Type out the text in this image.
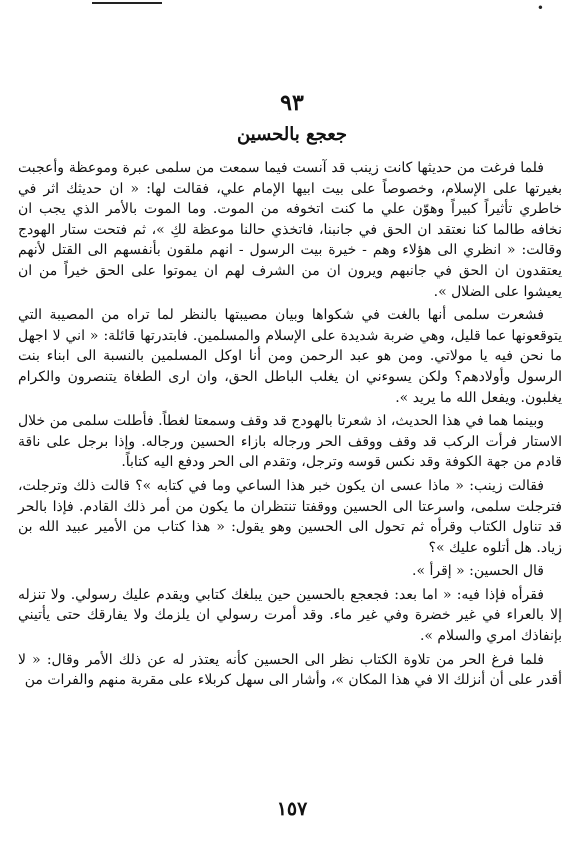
•
٩٣
جعجع بالحسين

فلما فرغت من حديثها كانت زينب قد آنست فيما سمعت من سلمى عبرة وموعظة وأعجبت بغيرتها على الإسلام، وخصوصاً على بيت ابيها الإمام علي، فقالت لها: « ان حديثك اثر في خاطري تأثيراً كبيراً وهوّن علي ما كنت اتخوفه من الموت. وما الموت بالأمر الذي يجب ان نخافه طالما كنا نعتقد ان الحق في جانبنا، فاتخذي حالنا موعظة لكِ »، ثم فتحت ستار الهودج وقالت: « انظري الى هؤلاء وهم - خيرة بيت الرسول - انهم ملقون بأنفسهم الى القتل لأنهم يعتقدون ان الحق في جانبهم ويرون ان من الشرف لهم ان يموتوا على الحق خيراً من ان يعيشوا على الضلال ».

فشعرت سلمى أنها بالغت في شكواها وبيان مصيبتها بالنظر لما تراه من المصيبة التي يتوقعونها عما قليل، وهي ضربة شديدة على الإسلام والمسلمين. فابتدرتها قائلة: « اني لا اجهل ما نحن فيه يا مولاتي. ومن هو عبد الرحمن ومن أنا اوكل المسلمين بالنسبة الى ابناء بنت الرسول وأولادهم؟ ولكن يسوءني ان يغلب الباطل الحق، وان ارى الطغاة يتنصرون والكرام يغلبون. ويفعل الله ما يريد ».

وبينما هما في هذا الحديث، اذ شعرتا بالهودج قد وقف وسمعتا لغطاً. فأطلت سلمى من خلال الاستار فرأت الركب قد وقف ووقف الحر ورجاله بازاء الحسين ورجاله. وإذا برجل على ناقة قادم من جهة الكوفة وقد نكس قوسه وترجل، وتقدم الى الحر ودفع اليه كتاباً.

فقالت زينب: « ماذا عسى ان يكون خبر هذا الساعي وما في كتابه »؟ قالت ذلك وترجلت، فترجلت سلمى، واسرعتا الى الحسين ووقفتا تنتظران ما يكون من أمر ذلك القادم. فإذا بالحر قد تناول الكتاب وقرأه ثم تحول الى الحسين وهو يقول: « هذا كتاب من الأمير عبيد الله بن زياد. هل أتلوه عليك »؟

قال الحسين: « إقرأ ».

فقرأه فإذا فيه: « اما بعد: فجعجع بالحسين حين يبلغك كتابي ويقدم عليك رسولي. ولا تنزله إلا بالعراء في غير خضرة وفي غير ماء. وقد أمرت رسولي ان يلزمك ولا يفارقك حتى يأتيني بإنفاذك امري والسلام ».

فلما فرغ الحر من تلاوة الكتاب نظر الى الحسين كأنه يعتذر له عن ذلك الأمر وقال: « لا أقدر على أن أنزلك الا في هذا المكان »، وأشار الى سهل كربلاء على مقربة منهم والفرات من

١٥٧
